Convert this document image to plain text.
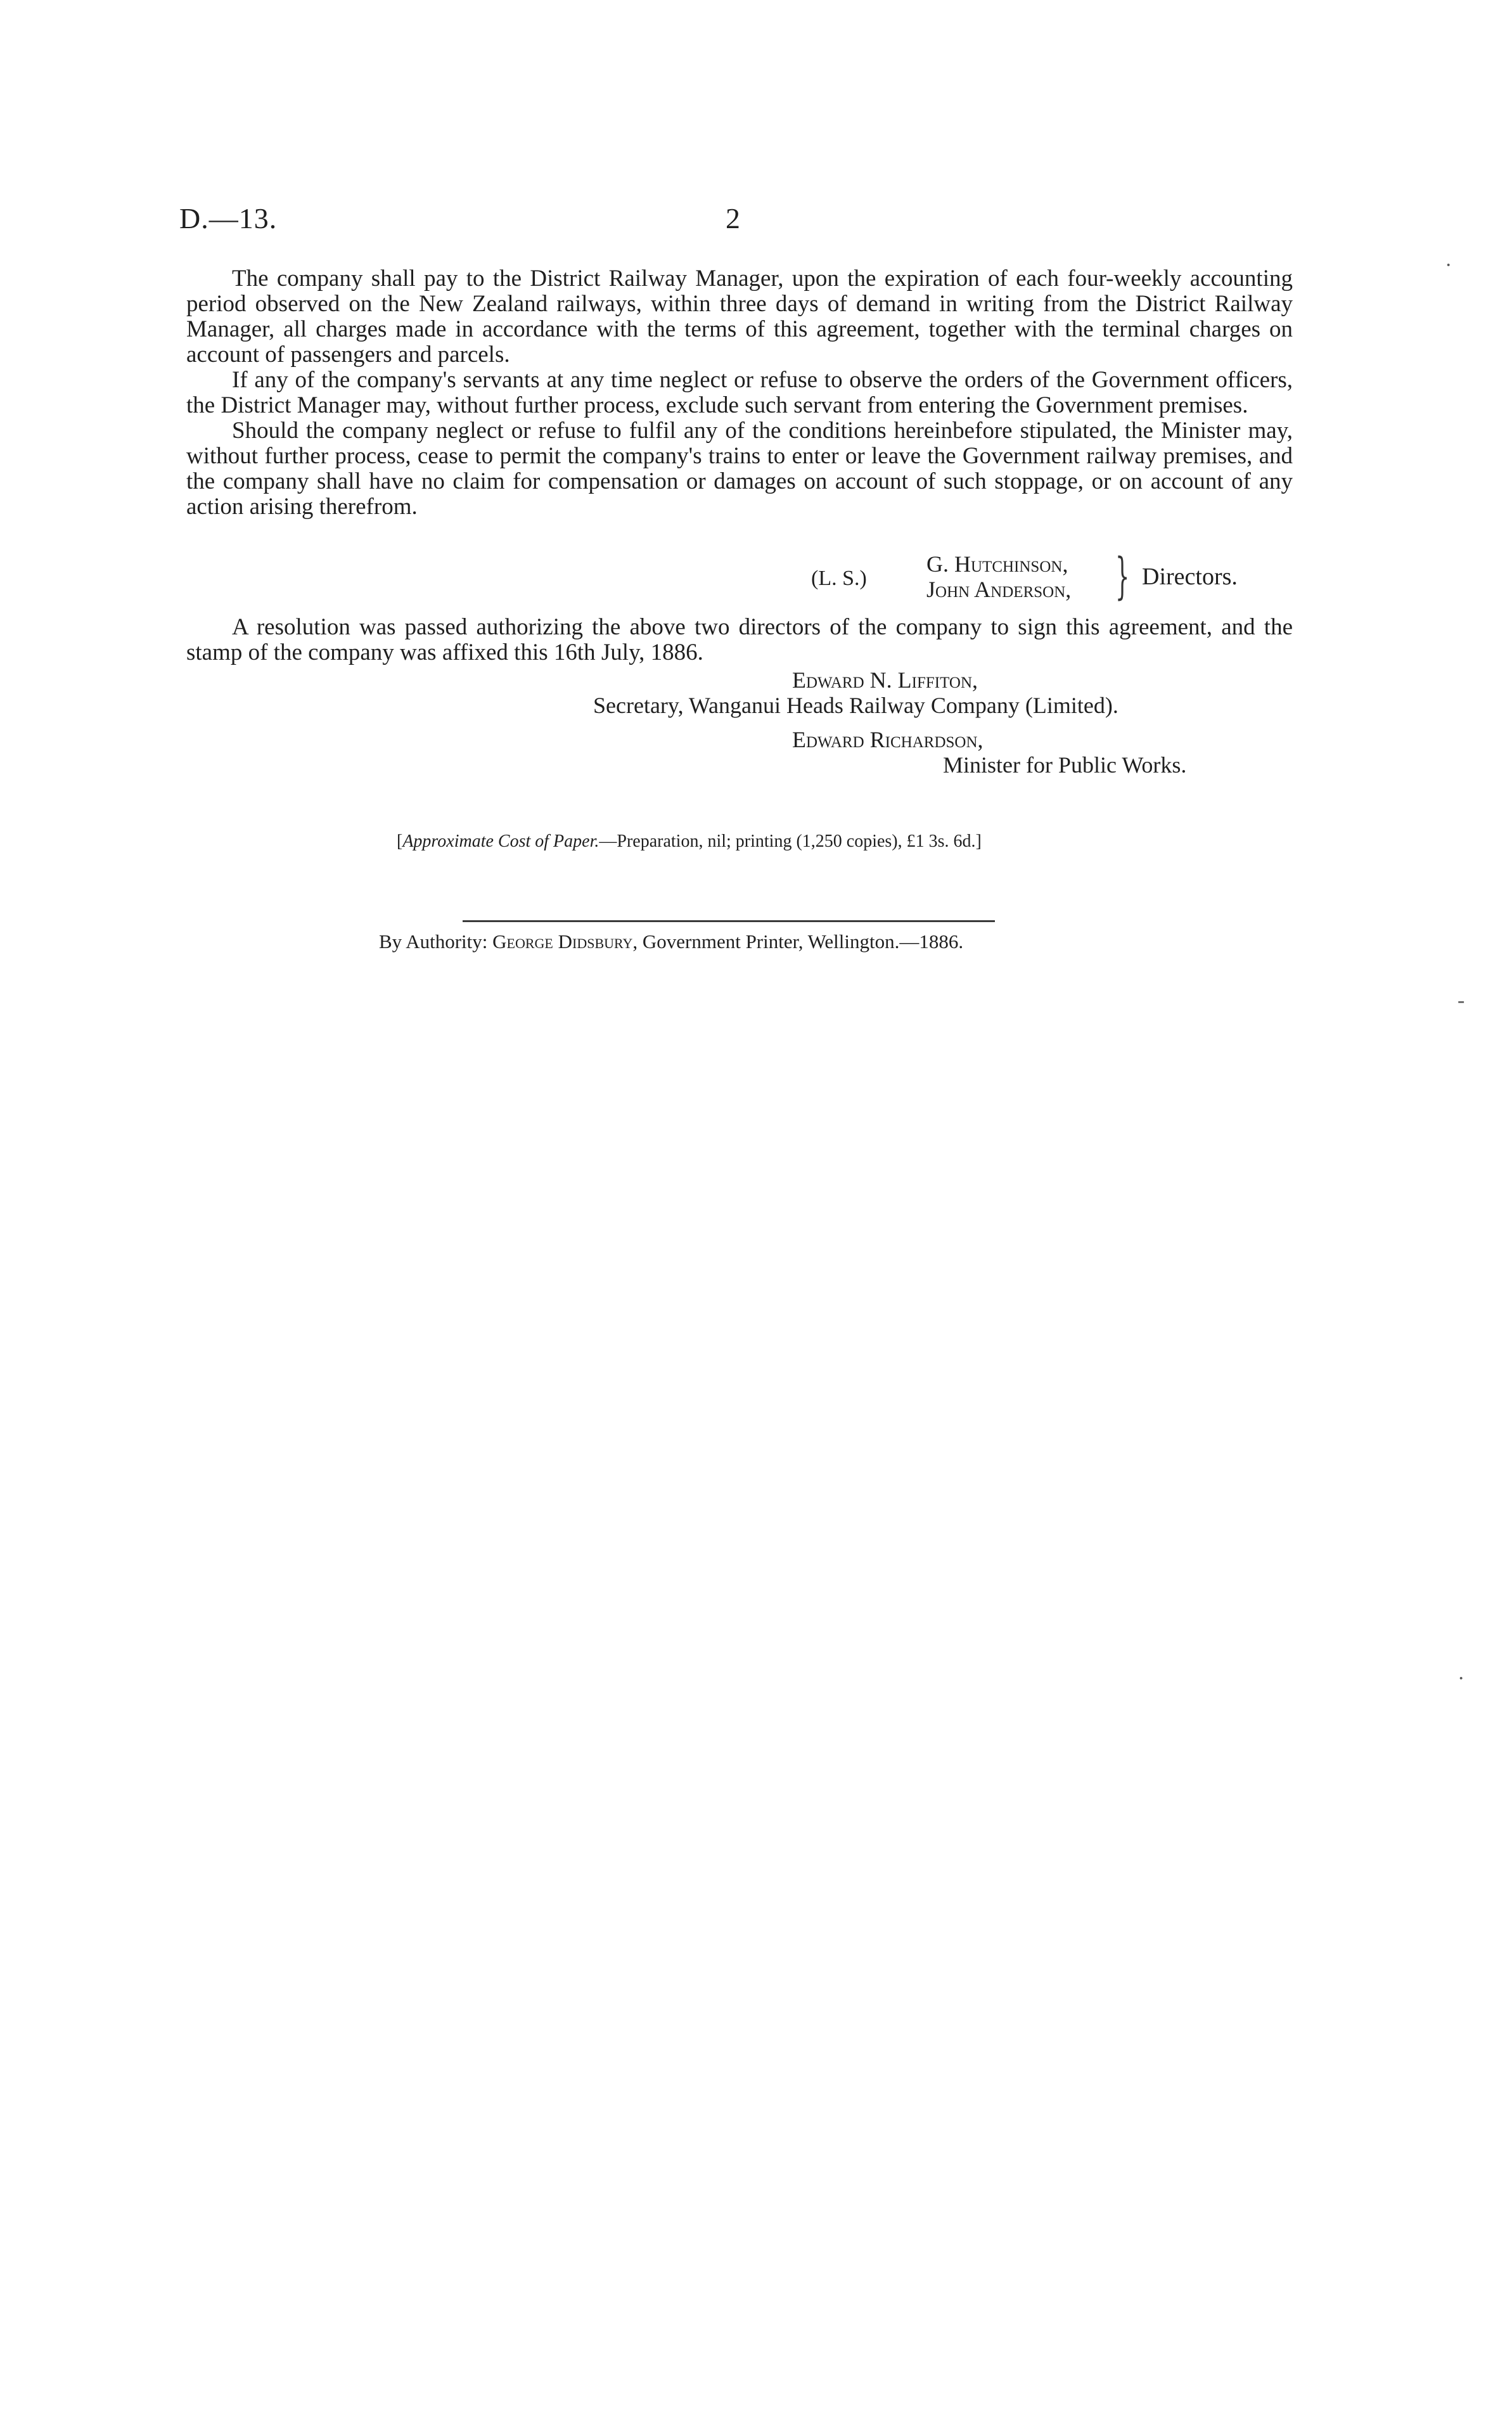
D.—13.	2

The company shall pay to the District Railway Manager, upon the expiration of each four-weekly accounting period observed on the New Zealand railways, within three days of demand in writing from the District Railway Manager, all charges made in accordance with the terms of this agreement, together with the terminal charges on account of passengers and parcels.

If any of the company's servants at any time neglect or refuse to observe the orders of the Government officers, the District Manager may, without further process, exclude such servant from entering the Government premises.

Should the company neglect or refuse to fulfil any of the conditions hereinbefore stipulated, the Minister may, without further process, cease to permit the company's trains to enter or leave the Government railway premises, and the company shall have no claim for compensation or damages on account of such stoppage, or on account of any action arising therefrom.

(L. S.)
G. Hutchinson,
John Anderson, } Directors.

A resolution was passed authorizing the above two directors of the company to sign this agreement, and the stamp of the company was affixed this 16th July, 1886.

Edward N. Liffiton,
Secretary, Wanganui Heads Railway Company (Limited).
Edward Richardson,
Minister for Public Works.
[Approximate Cost of Paper.—Preparation, nil; printing (1,250 copies), £1 3s. 6d.]
By Authority: George Didsbury, Government Printer, Wellington.—1886.
·
-
·
